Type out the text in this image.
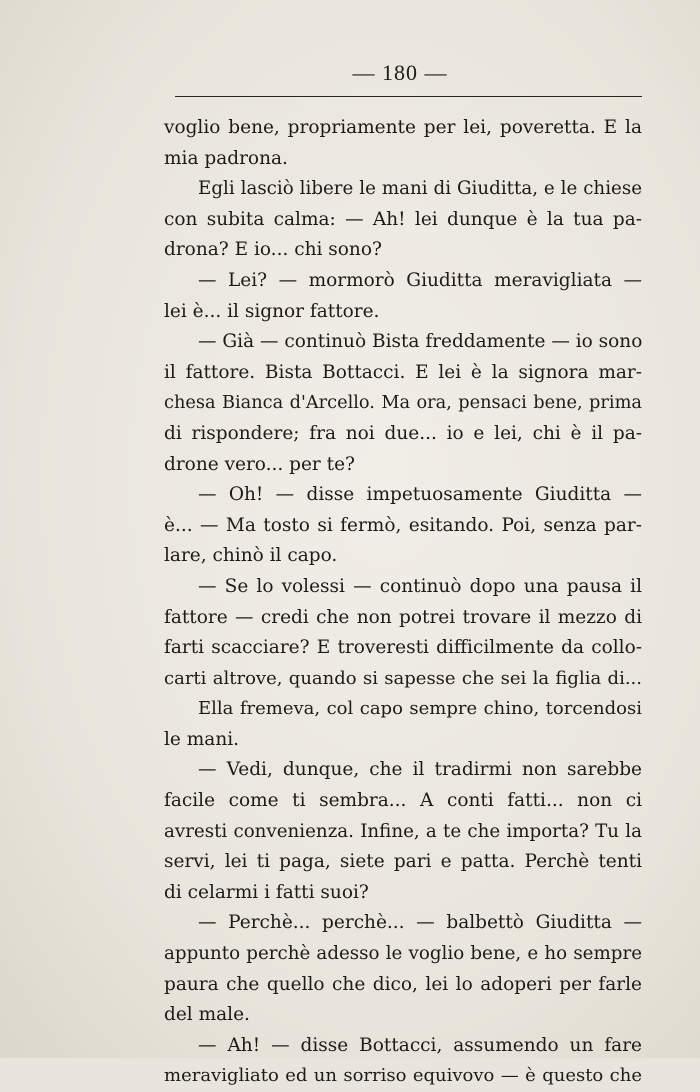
— 180 —
voglio bene, propriamente per lei, poveretta. E la
mia padrona.
Egli lasciò libere le mani di Giuditta, e le chiese
con subita calma: — Ah! lei dunque è la tua pa-
drona? E io... chi sono?
— Lei? — mormorò Giuditta meravigliata —
lei è... il signor fattore.
— Già — continuò Bista freddamente — io sono
il fattore. Bista Bottacci. E lei è la signora mar-
chesa Bianca d'Arcello. Ma ora, pensaci bene, prima
di rispondere; fra noi due... io e lei, chi è il pa-
drone vero... per te?
— Oh! — disse impetuosamente Giuditta —
è... — Ma tosto si fermò, esitando. Poi, senza par-
lare, chinò il capo.
— Se lo volessi — continuò dopo una pausa il
fattore — credi che non potrei trovare il mezzo di
farti scacciare? E troveresti difficilmente da collo-
carti altrove, quando si sapesse che sei la figlia di...
Ella fremeva, col capo sempre chino, torcendosi
le mani.
— Vedi, dunque, che il tradirmi non sarebbe
facile come ti sembra... A conti fatti... non ci
avresti convenienza. Infine, a te che importa? Tu la
servi, lei ti paga, siete pari e patta. Perchè tenti
di celarmi i fatti suoi?
— Perchè... perchè... — balbettò Giuditta —
appunto perchè adesso le voglio bene, e ho sempre
paura che quello che dico, lei lo adoperi per farle
del male.
— Ah! — disse Bottacci, assumendo un fare
meravigliato ed un sorriso equivovo — è questo che
